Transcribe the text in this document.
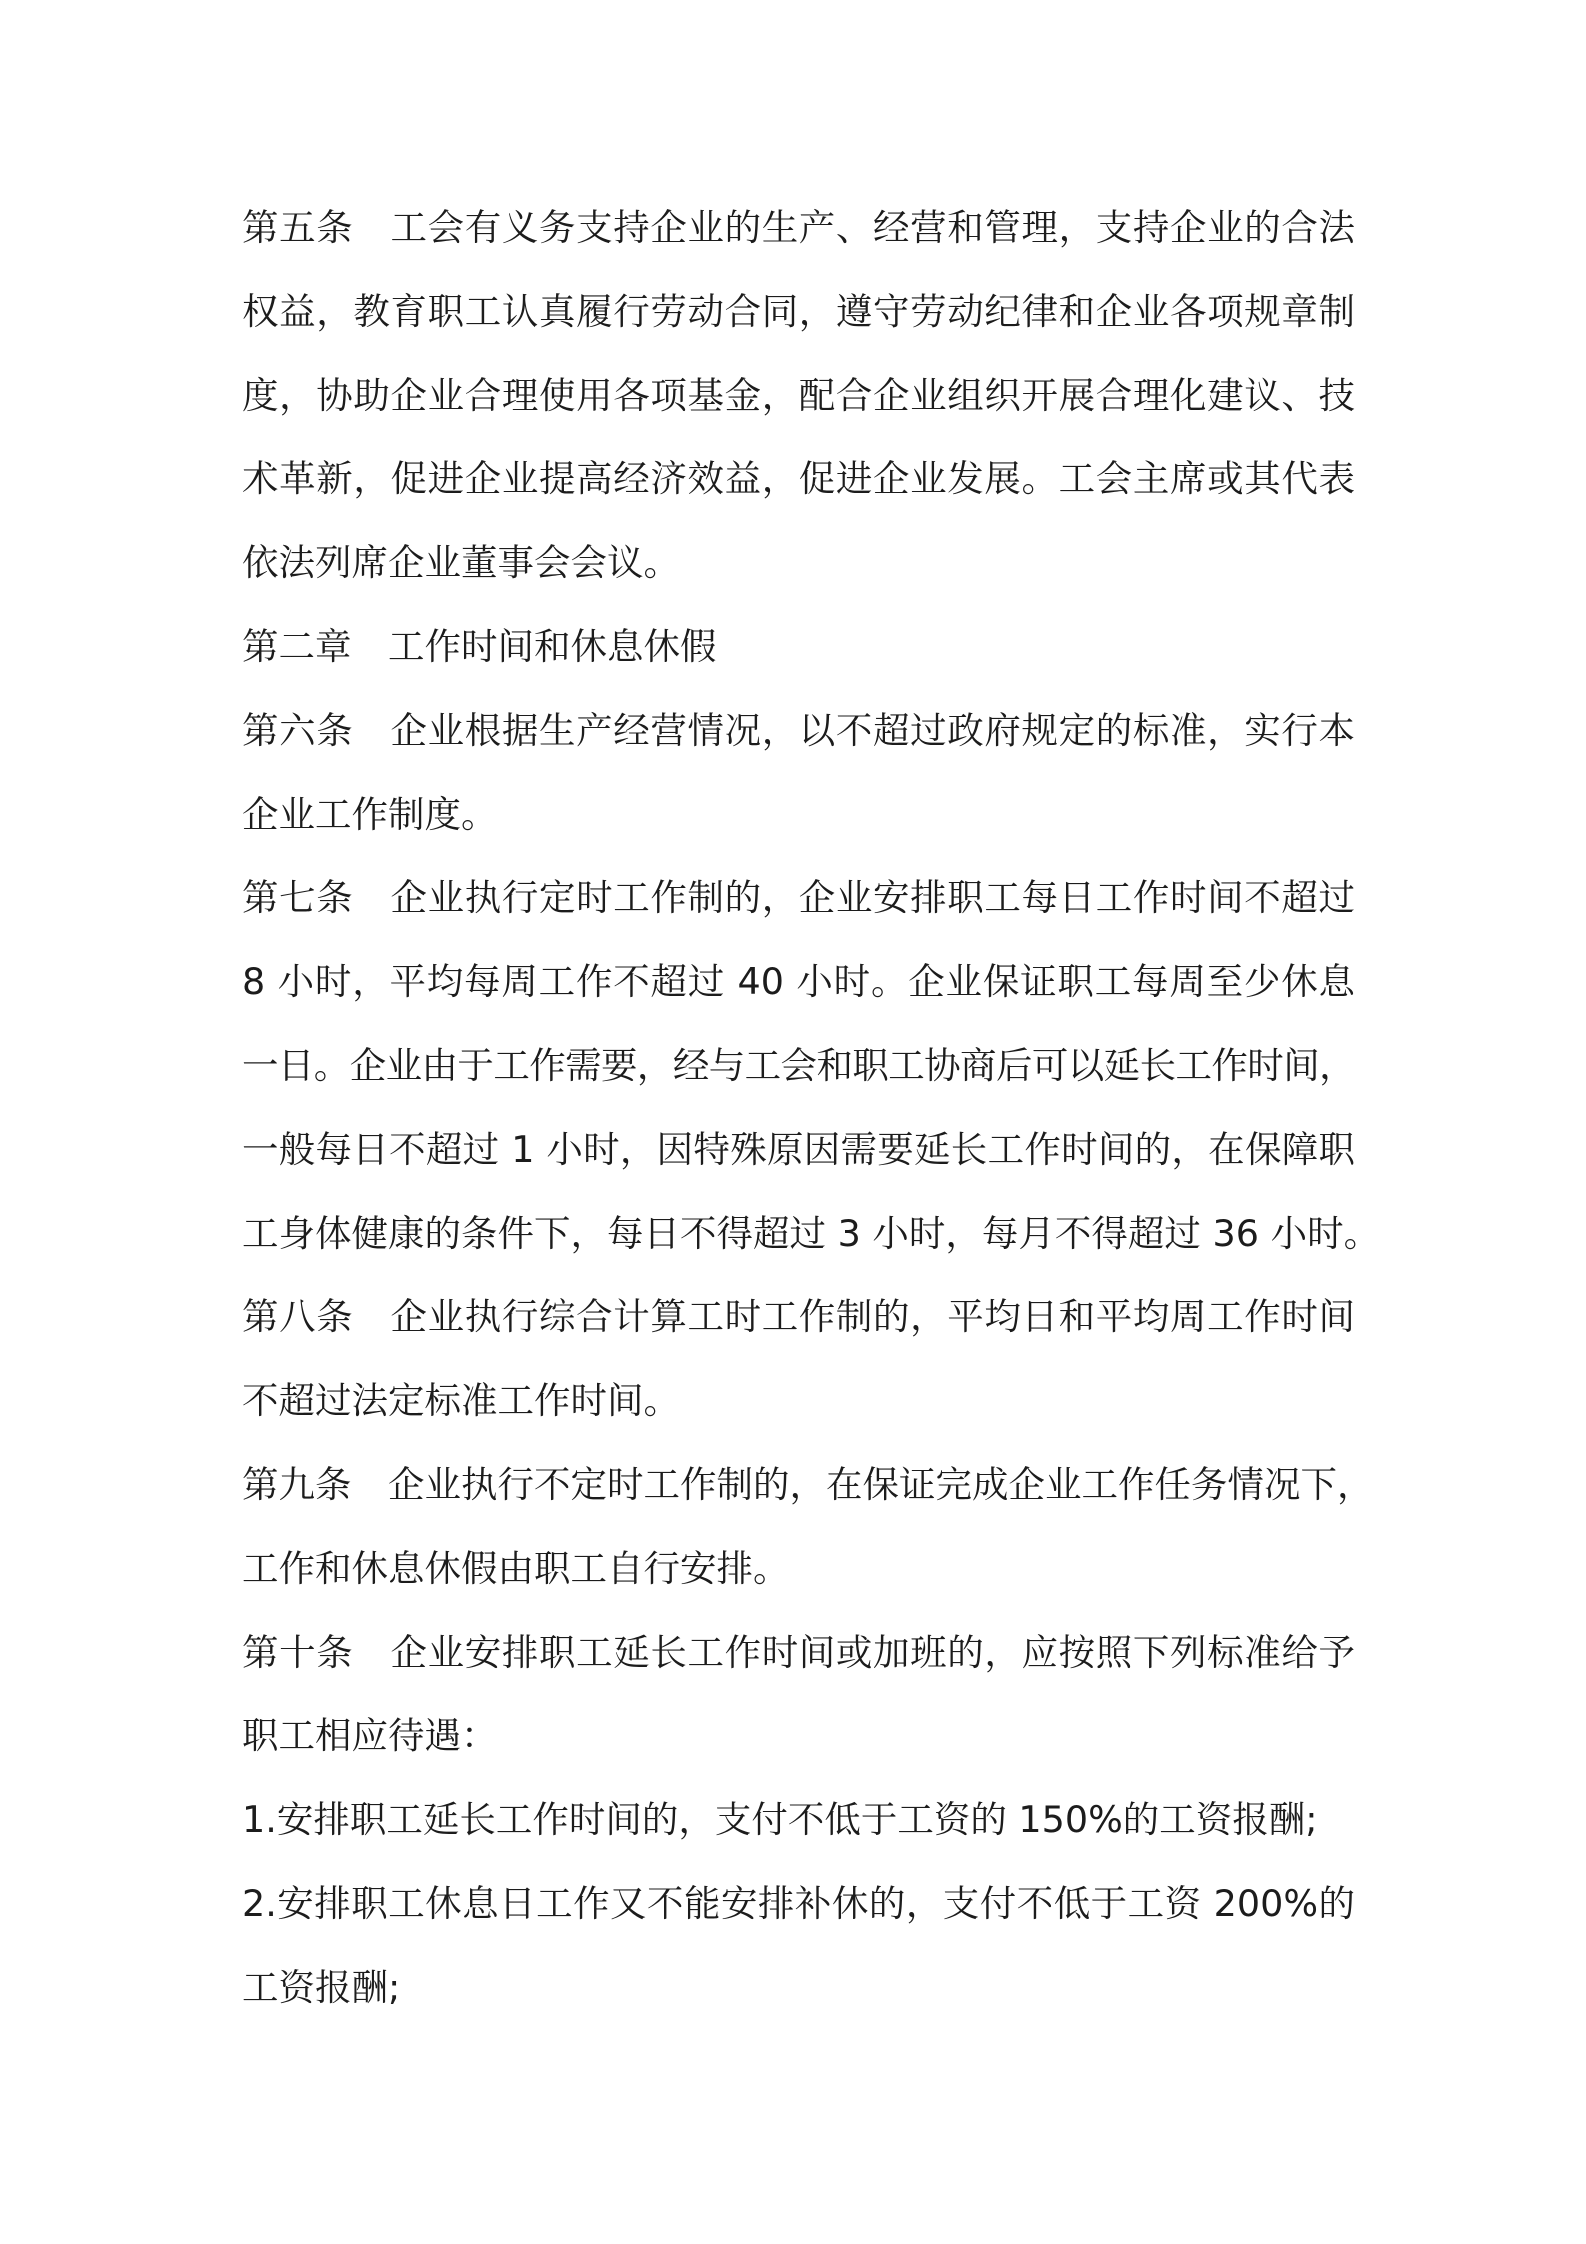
第五条　工会有义务支持企业的生产、经营和管理，支持企业的合法
权益，教育职工认真履行劳动合同，遵守劳动纪律和企业各项规章制
度，协助企业合理使用各项基金，配合企业组织开展合理化建议、技
术革新，促进企业提高经济效益，促进企业发展。工会主席或其代表
依法列席企业董事会会议。
第二章　工作时间和休息休假
第六条　企业根据生产经营情况，以不超过政府规定的标准，实行本
企业工作制度。
第七条　企业执行定时工作制的，企业安排职工每日工作时间不超过
8 小时，平均每周工作不超过 40 小时。企业保证职工每周至少休息
一日。企业由于工作需要，经与工会和职工协商后可以延长工作时间，
一般每日不超过 1 小时，因特殊原因需要延长工作时间的，在保障职
工身体健康的条件下，每日不得超过 3 小时，每月不得超过 36 小时。
第八条　企业执行综合计算工时工作制的，平均日和平均周工作时间
不超过法定标准工作时间。
第九条　企业执行不定时工作制的，在保证完成企业工作任务情况下，
工作和休息休假由职工自行安排。
第十条　企业安排职工延长工作时间或加班的，应按照下列标准给予
职工相应待遇：
1.安排职工延长工作时间的，支付不低于工资的 150%的工资报酬;
2.安排职工休息日工作又不能安排补休的，支付不低于工资 200%的
工资报酬;
